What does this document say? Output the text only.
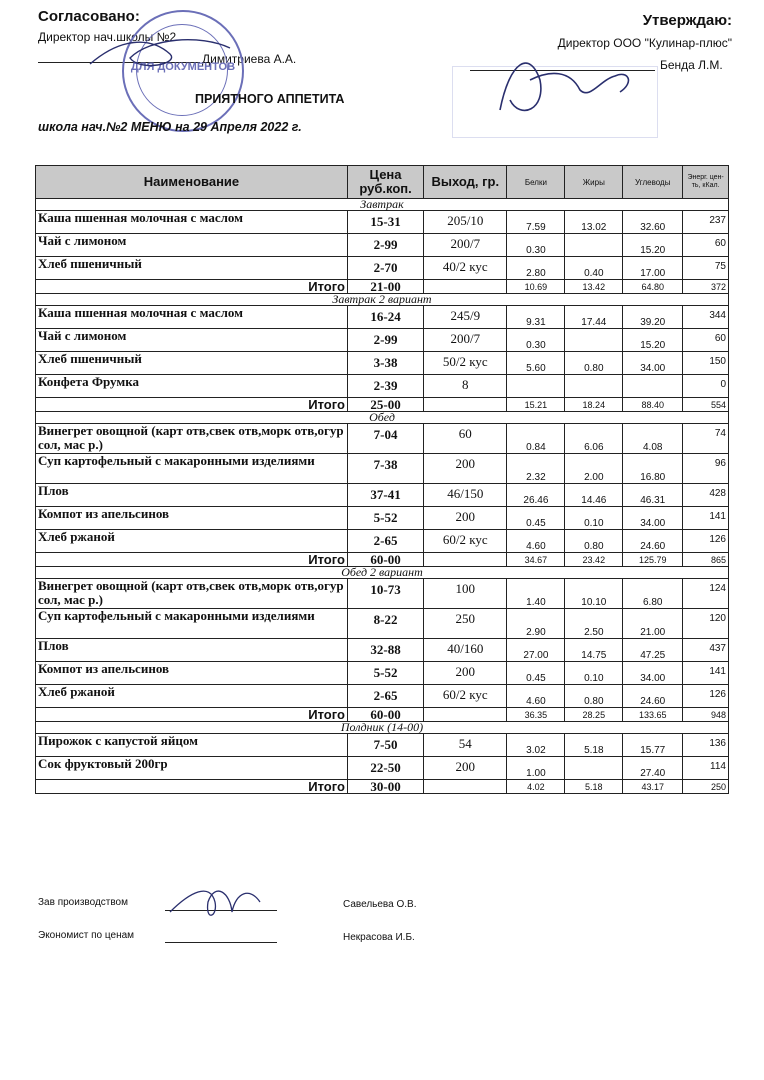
Согласовано:
Директор нач.школы №2
Димитриева А.А.
Утверждаю:
Директор ООО "Кулинар-плюс"
Бенда Л.М.
ДЛЯ ДОКУМЕНТОВ
ПРИЯТНОГО АППЕТИТА
школа нач.№2 МЕНЮ на 29 Апреля 2022 г.
Наименование	Цена руб.коп.	Выход, гр.	Белки	Жиры	Углеводы	Энерг. цен-ть, кКал.
Завтрак						
Каша пшенная молочная с маслом	15-31	205/10	7.59	13.02	32.60	237
Чай с лимоном	2-99	200/7	0.30		15.20	60
Хлеб пшеничный	2-70	40/2 кус	2.80	0.40	17.00	75
Итого	21-00		10.69	13.42	64.80	372
Завтрак 2 вариант						
Каша пшенная молочная с маслом	16-24	245/9	9.31	17.44	39.20	344
Чай с лимоном	2-99	200/7	0.30		15.20	60
Хлеб пшеничный	3-38	50/2 кус	5.60	0.80	34.00	150
Конфета Фрумка	2-39	8				0
Итого	25-00		15.21	18.24	88.40	554
Обед						
Винегрет овощной (карт отв,свек отв,морк отв,огур сол, мас р.)	7-04	60	0.84	6.06	4.08	74
Суп картофельный с макаронными изделиями	7-38	200	2.32	2.00	16.80	96
Плов	37-41	46/150	26.46	14.46	46.31	428
Компот из апельсинов	5-52	200	0.45	0.10	34.00	141
Хлеб ржаной	2-65	60/2 кус	4.60	0.80	24.60	126
Итого	60-00		34.67	23.42	125.79	865
Обед 2 вариант						
Винегрет овощной (карт отв,свек отв,морк отв,огур сол, мас р.)	10-73	100	1.40	10.10	6.80	124
Суп картофельный с макаронными изделиями	8-22	250	2.90	2.50	21.00	120
Плов	32-88	40/160	27.00	14.75	47.25	437
Компот из апельсинов	5-52	200	0.45	0.10	34.00	141
Хлеб ржаной	2-65	60/2 кус	4.60	0.80	24.60	126
Итого	60-00		36.35	28.25	133.65	948
Полдник (14-00)						
Пирожок с капустой яйцом	7-50	54	3.02	5.18	15.77	136
Сок фруктовый 200гр	22-50	200	1.00		27.40	114
Итого	30-00		4.02	5.18	43.17	250
Зав производством	Савельева О.В.
Экономист по ценам	Некрасова И.Б.
